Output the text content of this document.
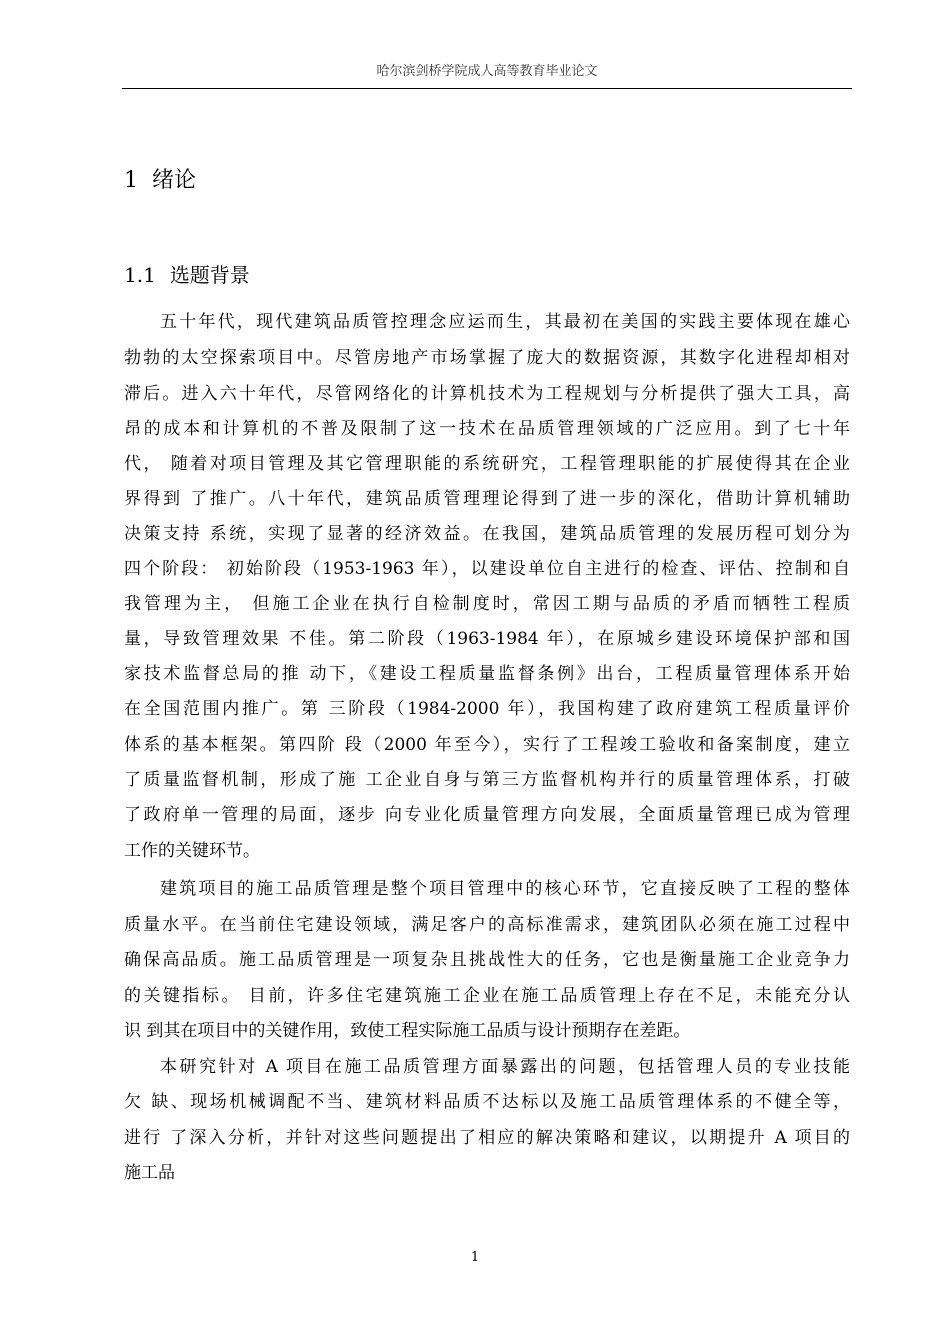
哈尔滨剑桥学院成人高等教育毕业论文
1 绪论
1.1 选题背景
五十年代，现代建筑品质管控理念应运而生，其最初在美国的实践主要体现在雄心
勃勃的太空探索项目中。尽管房地产市场掌握了庞大的数据资源，其数字化进程却相对
滞后。进入六十年代，尽管网络化的计算机技术为工程规划与分析提供了强大工具，高
昂的成本和计算机的不普及限制了这一技术在品质管理领域的广泛应用。到了七十年
代， 随着对项目管理及其它管理职能的系统研究，工程管理职能的扩展使得其在企业
界得到 了推广。八十年代，建筑品质管理理论得到了进一步的深化，借助计算机辅助
决策支持 系统，实现了显著的经济效益。在我国，建筑品质管理的发展历程可划分为
四个阶段： 初始阶段（1953-1963 年），以建设单位自主进行的检查、评估、控制和自
我管理为主， 但施工企业在执行自检制度时，常因工期与品质的矛盾而牺牲工程质
量，导致管理效果 不佳。第二阶段（1963-1984 年），在原城乡建设环境保护部和国
家技术监督总局的推 动下，《建设工程质量监督条例》出台，工程质量管理体系开始
在全国范围内推广。第 三阶段（1984-2000 年），我国构建了政府建筑工程质量评价
体系的基本框架。第四阶 段（2000 年至今），实行了工程竣工验收和备案制度，建立
了质量监督机制，形成了施 工企业自身与第三方监督机构并行的质量管理体系，打破
了政府单一管理的局面，逐步 向专业化质量管理方向发展，全面质量管理已成为管理
工作的关键环节。
建筑项目的施工品质管理是整个项目管理中的核心环节，它直接反映了工程的整体
质量水平。在当前住宅建设领域，满足客户的高标准需求，建筑团队必须在施工过程中
确保高品质。施工品质管理是一项复杂且挑战性大的任务，它也是衡量施工企业竞争力
的关键指标。 目前，许多住宅建筑施工企业在施工品质管理上存在不足，未能充分认
识 到其在项目中的关键作用，致使工程实际施工品质与设计预期存在差距。
本研究针对 A 项目在施工品质管理方面暴露出的问题，包括管理人员的专业技能
欠 缺、现场机械调配不当、建筑材料品质不达标以及施工品质管理体系的不健全等，
进行 了深入分析，并针对这些问题提出了相应的解决策略和建议，以期提升 A 项目的
施工品
1
